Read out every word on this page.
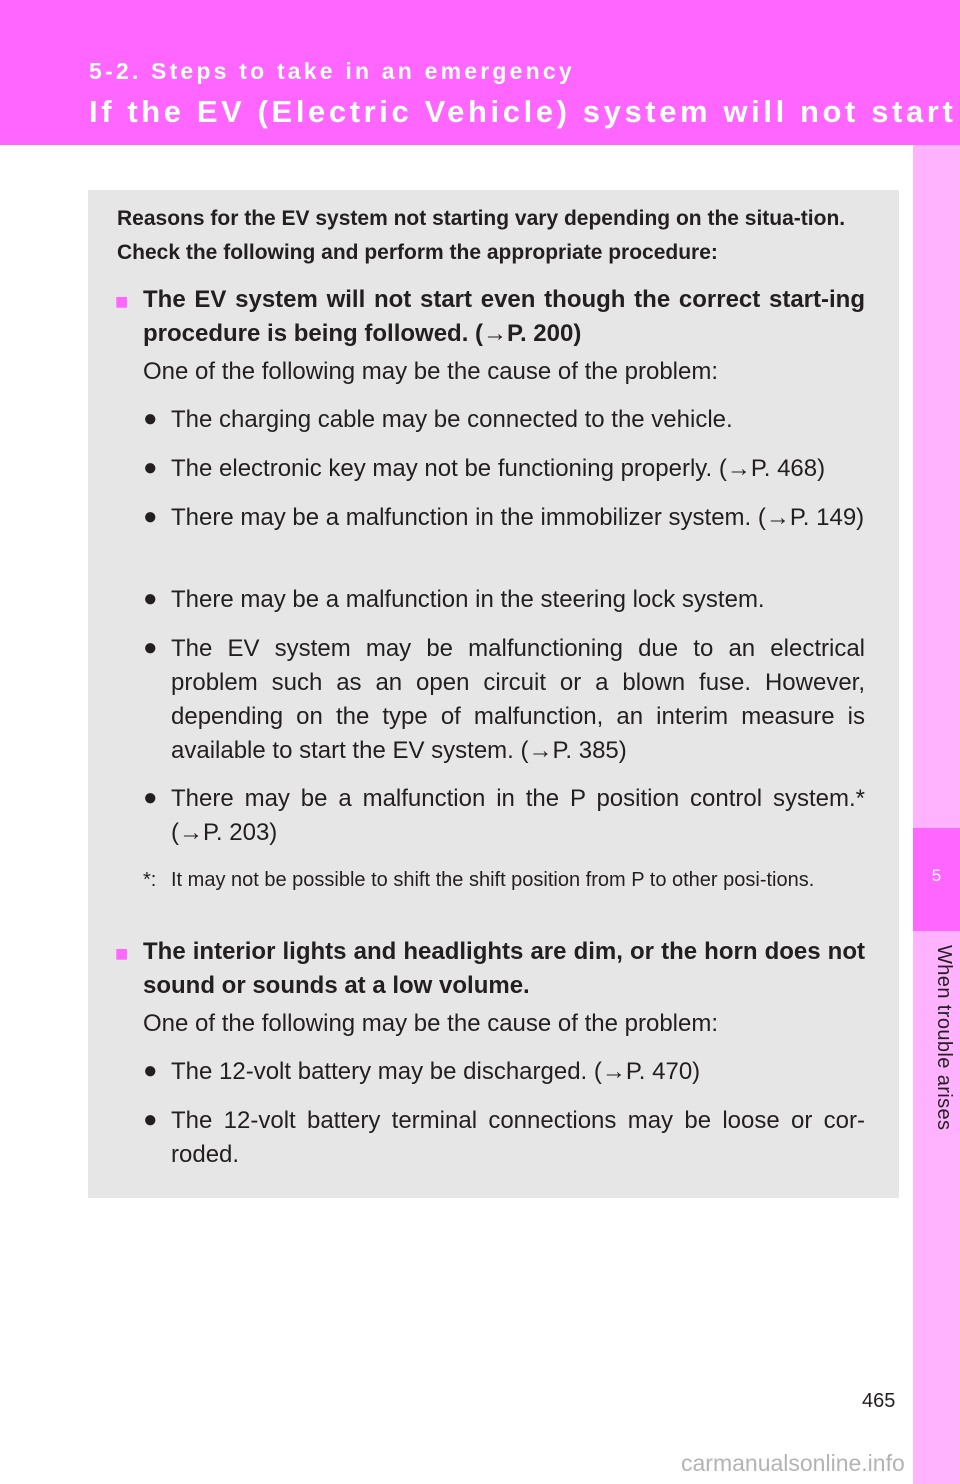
5-2. Steps to take in an emergency
If the EV (Electric Vehicle) system will not start
5
When trouble arises
Reasons for the EV system not starting vary depending on the situa-tion. Check the following and perform the appropriate procedure:
■ The EV system will not start even though the correct start-ing procedure is being followed. (→P. 200)
One of the following may be the cause of the problem:
● The charging cable may be connected to the vehicle.
● The electronic key may not be functioning properly. (→P. 468)
● There may be a malfunction in the immobilizer system. (→P. 149)
● There may be a malfunction in the steering lock system.
● The EV system may be malfunctioning due to an electrical problem such as an open circuit or a blown fuse. However, depending on the type of malfunction, an interim measure is available to start the EV system. (→P. 385)
● There may be a malfunction in the P position control system.* (→P. 203)
*: It may not be possible to shift the shift position from P to other posi-tions.
■ The interior lights and headlights are dim, or the horn does not sound or sounds at a low volume.
One of the following may be the cause of the problem:
● The 12-volt battery may be discharged. (→P. 470)
● The 12-volt battery terminal connections may be loose or cor-roded.
465
carmanualsonline.info
